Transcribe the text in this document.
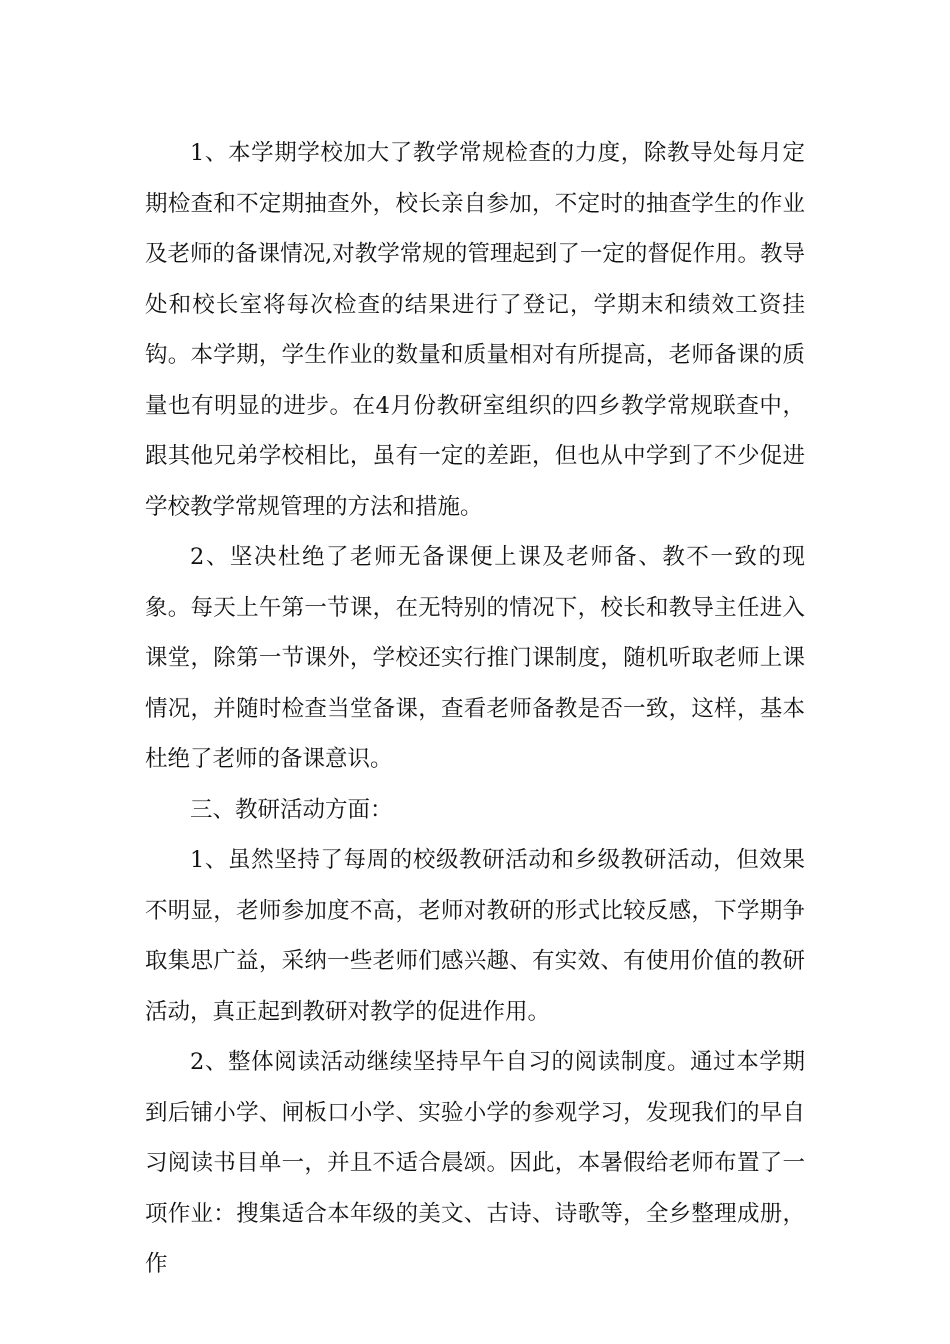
1、本学期学校加大了教学常规检查的力度，除教导处每月定期检查和不定期抽查外，校长亲自参加，不定时的抽查学生的作业及老师的备课情况,对教学常规的管理起到了一定的督促作用。教导处和校长室将每次检查的结果进行了登记，学期末和绩效工资挂钩。本学期，学生作业的数量和质量相对有所提高，老师备课的质量也有明显的进步。在4月份教研室组织的四乡教学常规联查中，跟其他兄弟学校相比，虽有一定的差距，但也从中学到了不少促进学校教学常规管理的方法和措施。

2、坚决杜绝了老师无备课便上课及老师备、教不一致的现象。每天上午第一节课，在无特别的情况下，校长和教导主任进入课堂，除第一节课外，学校还实行推门课制度，随机听取老师上课情况，并随时检查当堂备课，查看老师备教是否一致，这样，基本杜绝了老师的备课意识。

三、教研活动方面：

1、虽然坚持了每周的校级教研活动和乡级教研活动，但效果不明显，老师参加度不高，老师对教研的形式比较反感，下学期争取集思广益，采纳一些老师们感兴趣、有实效、有使用价值的教研活动，真正起到教研对教学的促进作用。

2、整体阅读活动继续坚持早午自习的阅读制度。通过本学期到后铺小学、闸板口小学、实验小学的参观学习，发现我们的早自习阅读书目单一，并且不适合晨颂。因此，本暑假给老师布置了一项作业：搜集适合本年级的美文、古诗、诗歌等，全乡整理成册，作
